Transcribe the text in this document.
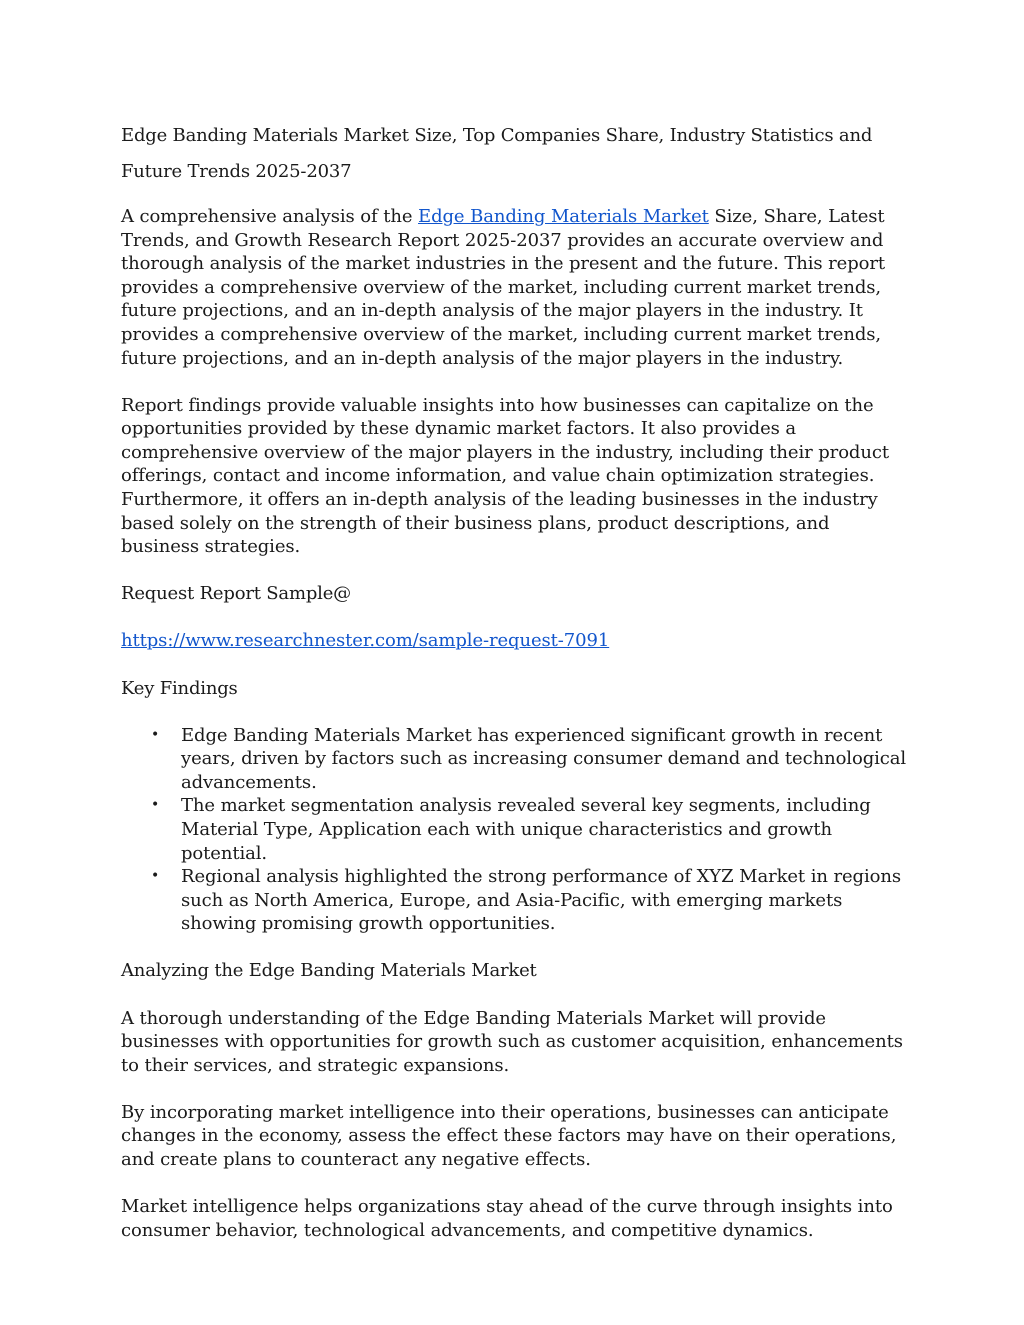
Edge Banding Materials Market Size, Top Companies Share, Industry Statistics and Future Trends 2025-2037

A comprehensive analysis of the Edge Banding Materials Market Size, Share, Latest Trends, and Growth Research Report 2025-2037 provides an accurate overview and thorough analysis of the market industries in the present and the future. This report provides a comprehensive overview of the market, including current market trends, future projections, and an in-depth analysis of the major players in the industry. It provides a comprehensive overview of the market, including current market trends, future projections, and an in-depth analysis of the major players in the industry.

Report findings provide valuable insights into how businesses can capitalize on the opportunities provided by these dynamic market factors. It also provides a comprehensive overview of the major players in the industry, including their product offerings, contact and income information, and value chain optimization strategies. Furthermore, it offers an in-depth analysis of the leading businesses in the industry based solely on the strength of their business plans, product descriptions, and business strategies.

Request Report Sample@

https://www.researchnester.com/sample-request-7091

Key Findings

• Edge Banding Materials Market has experienced significant growth in recent years, driven by factors such as increasing consumer demand and technological advancements.
• The market segmentation analysis revealed several key segments, including Material Type, Application each with unique characteristics and growth potential.
• Regional analysis highlighted the strong performance of XYZ Market in regions such as North America, Europe, and Asia-Pacific, with emerging markets showing promising growth opportunities.

Analyzing the Edge Banding Materials Market

A thorough understanding of the Edge Banding Materials Market will provide businesses with opportunities for growth such as customer acquisition, enhancements to their services, and strategic expansions.

By incorporating market intelligence into their operations, businesses can anticipate changes in the economy, assess the effect these factors may have on their operations, and create plans to counteract any negative effects.

Market intelligence helps organizations stay ahead of the curve through insights into consumer behavior, technological advancements, and competitive dynamics.
